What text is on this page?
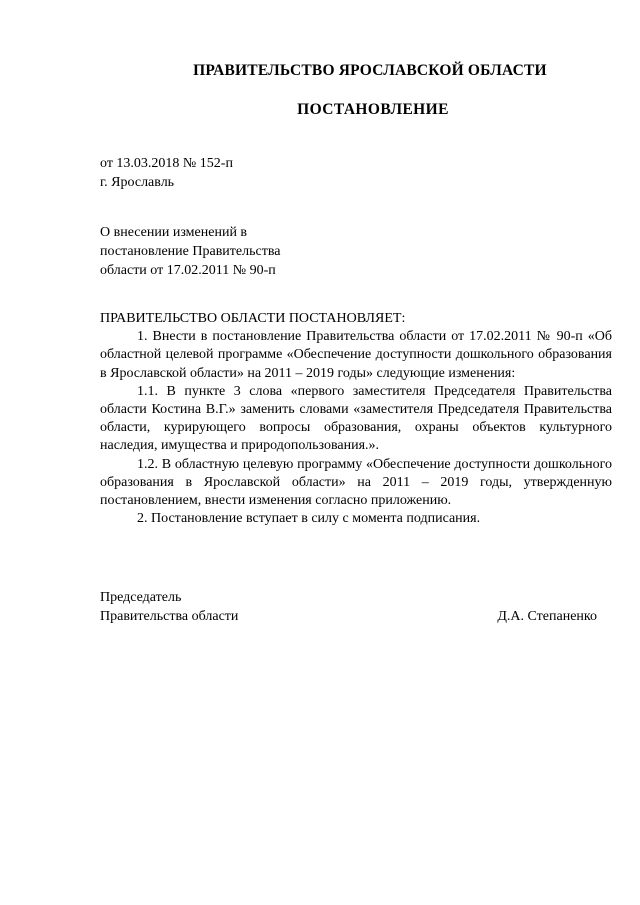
ПРАВИТЕЛЬСТВО ЯРОСЛАВСКОЙ ОБЛАСТИ
ПОСТАНОВЛЕНИЕ
от 13.03.2018 № 152-п
г. Ярославль
О внесении изменений в
постановление Правительства
области от 17.02.2011 № 90-п

ПРАВИТЕЛЬСТВО ОБЛАСТИ ПОСТАНОВЛЯЕТ:

1. Внести в постановление Правительства области от 17.02.2011 № 90-п «Об областной целевой программе «Обеспечение доступности дошкольного образования в Ярославской области» на 2011 – 2019 годы» следующие изменения:

1.1. В пункте 3 слова «первого заместителя Председателя Правительства области Костина В.Г.» заменить словами «заместителя Председателя Правительства области, курирующего вопросы образования, охраны объектов культурного наследия, имущества и природопользования.».

1.2. В областную целевую программу «Обеспечение доступности дошкольного образования в Ярославской области» на 2011 – 2019 годы, утвержденную постановлением, внести изменения согласно приложению.

2. Постановление вступает в силу с момента подписания.

Председатель
Правительства области	Д.А. Степаненко
